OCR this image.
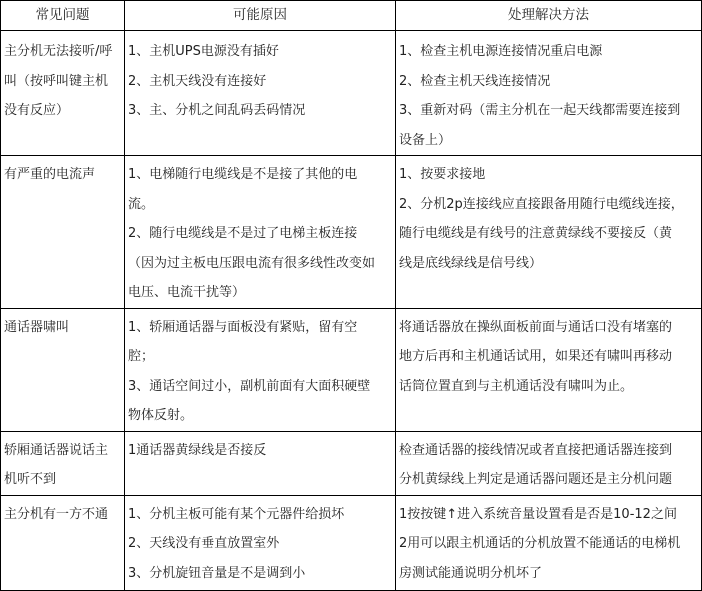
常见问题	可能原因	处理解决方法

主分机无法接听/呼
叫（按呼叫键主机
没有反应）	1、主机UPS电源没有插好
2、主机天线没有连接好
3、主、分机之间乱码丢码情况	1、检查主机电源连接情况重启电源
2、检查主机天线连接情况
3、重新对码（需主分机在一起天线都需要连接到
设备上）

有严重的电流声	1、电梯随行电缆线是不是接了其他的电
流。
2、随行电缆线是不是过了电梯主板连接
（因为过主板电压跟电流有很多线性改变如
电压、电流干扰等）	1、按要求接地
2、分机2p连接线应直接跟备用随行电缆线连接，
随行电缆线是有线号的注意黄绿线不要接反（黄
线是底线绿线是信号线）

通话器啸叫	1、轿厢通话器与面板没有紧贴，留有空
腔；
3、通话空间过小，副机前面有大面积硬壁
物体反射。	将通话器放在操纵面板前面与通话口没有堵塞的
地方后再和主机通话试用，如果还有啸叫再移动
话筒位置直到与主机通话没有啸叫为止。

轿厢通话器说话主
机听不到	1通话器黄绿线是否接反	检查通话器的接线情况或者直接把通话器连接到
分机黄绿线上判定是通话器问题还是主分机问题

主分机有一方不通	1、分机主板可能有某个元器件给损坏
2、天线没有垂直放置室外
3、分机旋钮音量是不是调到小	1按按键↑进入系统音量设置看是否是10-12之间
2用可以跟主机通话的分机放置不能通话的电梯机
房测试能通说明分机坏了
